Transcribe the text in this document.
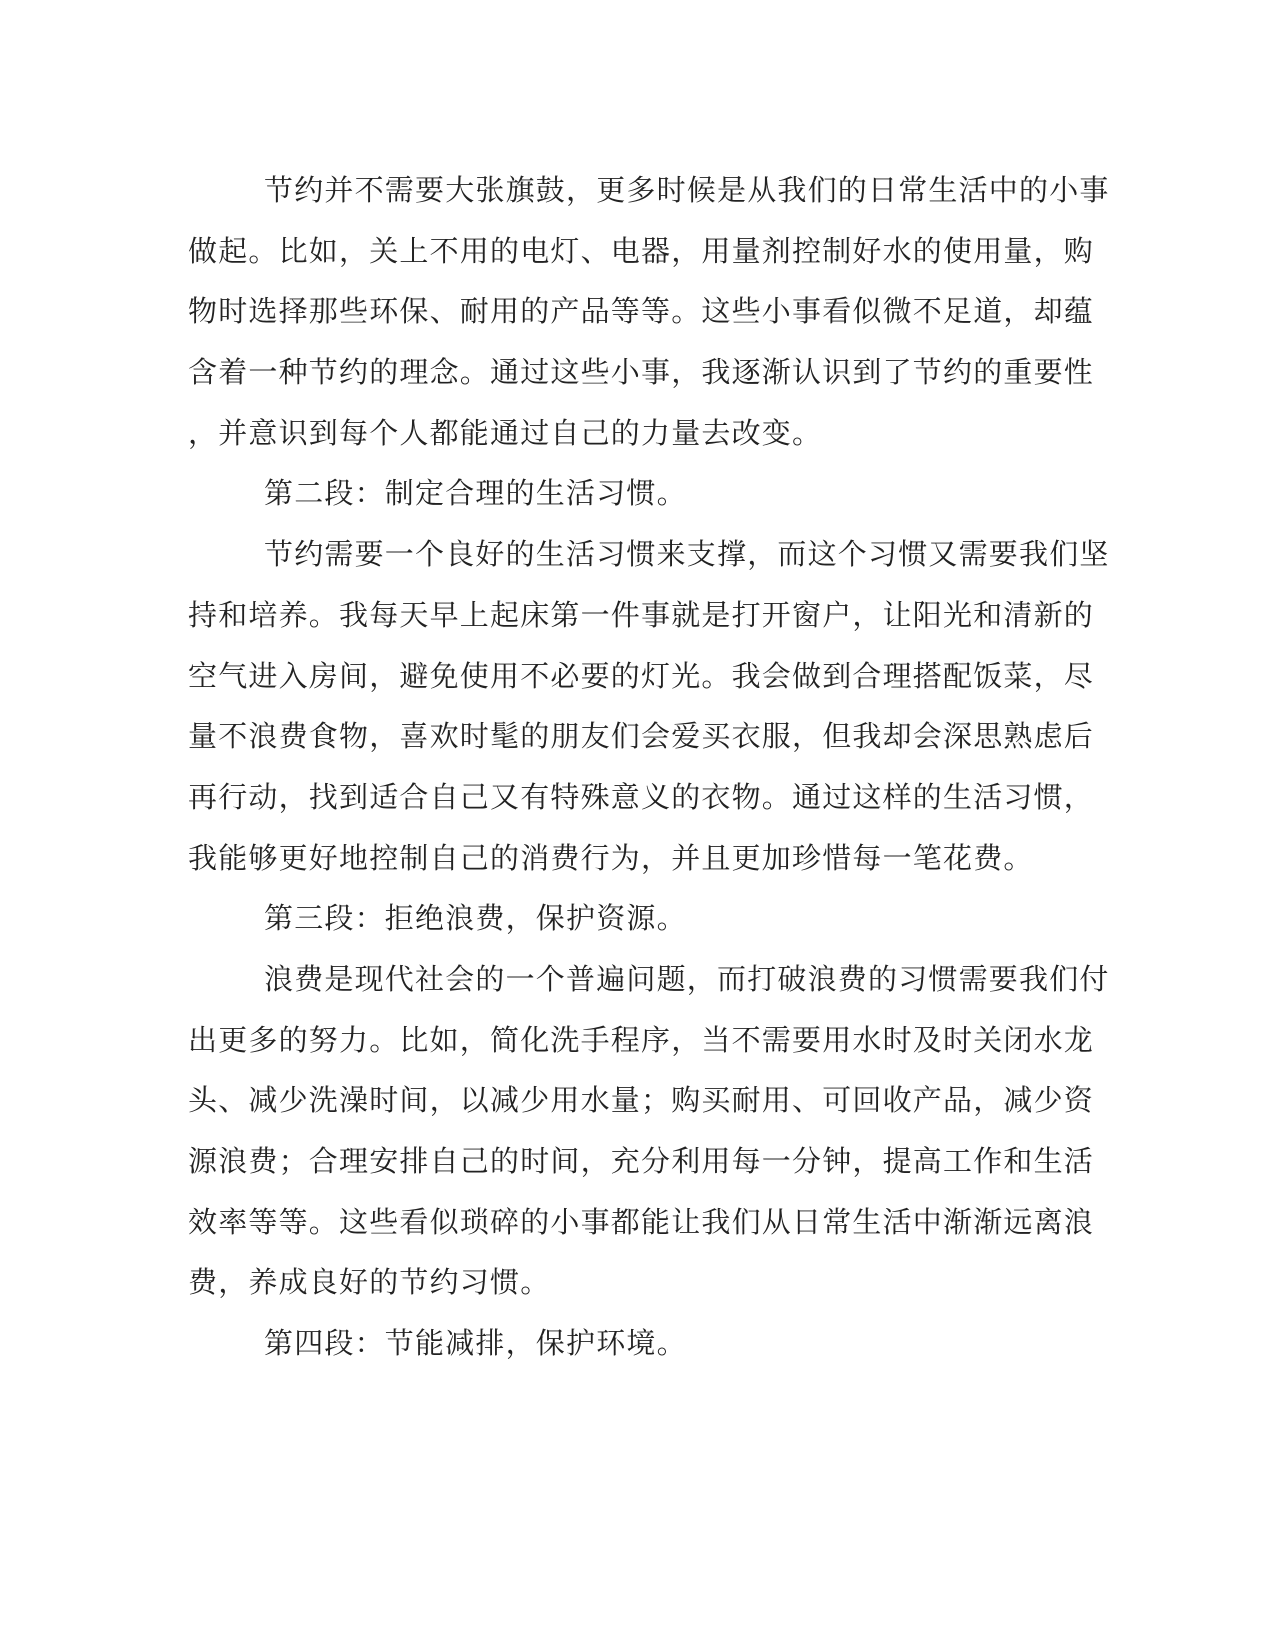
节约并不需要大张旗鼓，更多时候是从我们的日常生活中的小事
做起。比如，关上不用的电灯、电器，用量剂控制好水的使用量，购
物时选择那些环保、耐用的产品等等。这些小事看似微不足道，却蕴
含着一种节约的理念。通过这些小事，我逐渐认识到了节约的重要性
，并意识到每个人都能通过自己的力量去改变。
第二段：制定合理的生活习惯。
节约需要一个良好的生活习惯来支撑，而这个习惯又需要我们坚
持和培养。我每天早上起床第一件事就是打开窗户，让阳光和清新的
空气进入房间，避免使用不必要的灯光。我会做到合理搭配饭菜，尽
量不浪费食物，喜欢时髦的朋友们会爱买衣服，但我却会深思熟虑后
再行动，找到适合自己又有特殊意义的衣物。通过这样的生活习惯，
我能够更好地控制自己的消费行为，并且更加珍惜每一笔花费。
第三段：拒绝浪费，保护资源。
浪费是现代社会的一个普遍问题，而打破浪费的习惯需要我们付
出更多的努力。比如，简化洗手程序，当不需要用水时及时关闭水龙
头、减少洗澡时间，以减少用水量；购买耐用、可回收产品，减少资
源浪费；合理安排自己的时间，充分利用每一分钟，提高工作和生活
效率等等。这些看似琐碎的小事都能让我们从日常生活中渐渐远离浪
费，养成良好的节约习惯。
第四段：节能减排，保护环境。
